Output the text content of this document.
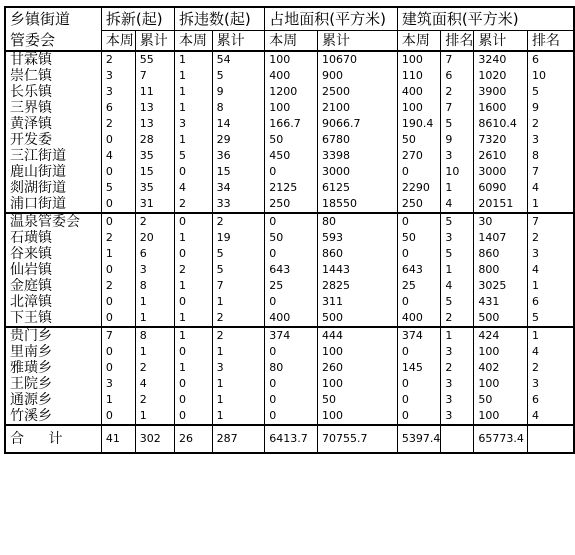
乡镇街道	拆新(起)		拆违数(起)		占地面积(平方米)		建筑面积(平方米)			
管委会	本周	累计	本周	累计	本周	累计	本周	排名	累计	排名
甘霖镇	2	55	1	54	100	10670	100	7	3240	6
崇仁镇	3	7	1	5	400	900	110	6	1020	10
长乐镇	3	11	1	9	1200	2500	400	2	3900	5
三界镇	6	13	1	8	100	2100	100	7	1600	9
黄泽镇	2	13	3	14	166.7	9066.7	190.4	5	8610.4	2
开发委	0	28	1	29	50	6780	50	9	7320	3
三江街道	4	35	5	36	450	3398	270	3	2610	8
鹿山街道	0	15	0	15	0	3000	0	10	3000	7
剡湖街道	5	35	4	34	2125	6125	2290	1	6090	4
浦口街道	0	31	2	33	250	18550	250	4	20151	1
温泉管委会	0	2	0	2	0	80	0	5	30	7
石璜镇	2	20	1	19	50	593	50	3	1407	2
谷来镇	1	6	0	5	0	860	0	5	860	3
仙岩镇	0	3	2	5	643	1443	643	1	800	4
金庭镇	2	8	1	7	25	2825	25	4	3025	1
北漳镇	0	1	0	1	0	311	0	5	431	6
下王镇	0	1	1	2	400	500	400	2	500	5
贵门乡	7	8	1	2	374	444	374	1	424	1
里南乡	0	1	0	1	0	100	0	3	100	4
雅璜乡	0	2	1	3	80	260	145	2	402	2
王院乡	3	4	0	1	0	100	0	3	100	3
通源乡	1	2	0	1	0	50	0	3	50	6
竹溪乡	0	1	0	1	0	100	0	3	100	4
合 计	41	302	26	287	6413.7	70755.7	5397.4		65773.4	
